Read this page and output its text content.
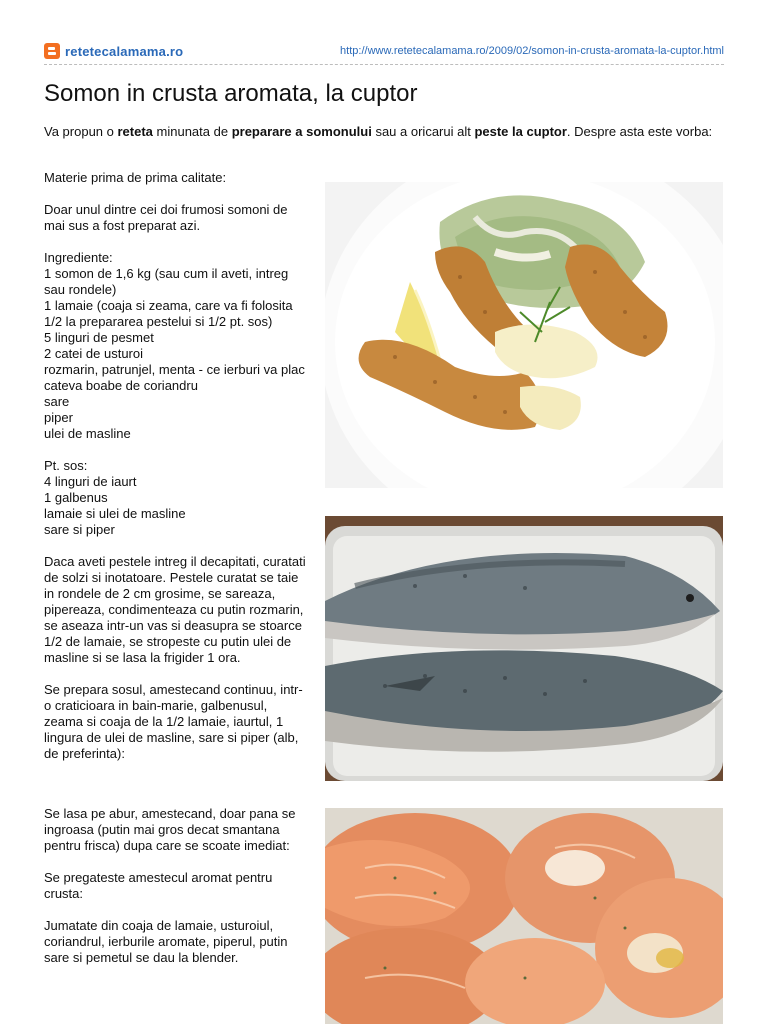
retetecalamama.ro	http://www.retetecalamama.ro/2009/02/somon-in-crusta-aromata-la-cuptor.html
Somon in crusta aromata, la cuptor

Va propun o reteta minunata de preparare a somonului sau a oricarui alt peste la cuptor. Despre asta este vorba:

Materie prima de prima calitate:

Doar unul dintre cei doi frumosi somoni de mai sus a fost preparat azi.

Ingrediente:

1 somon de 1,6 kg (sau cum il aveti, intreg sau rondele)

1 lamaie (coaja si zeama, care va fi folosita 1/2 la prepararea pestelui si 1/2 pt. sos)

5 linguri de pesmet

2 catei de usturoi

rozmarin, patrunjel, menta - ce ierburi va plac

cateva boabe de coriandru

sare

piper

ulei de masline

Pt. sos:

4 linguri de iaurt

1 galbenus

lamaie si ulei de masline

sare si piper

Daca aveti pestele intreg il decapitati, curatati de solzi si inotatoare. Pestele curatat se taie in rondele de 2 cm grosime, se sareaza, pipereaza, condimenteaza cu putin rozmarin, se aseaza intr-un vas si deasupra se stoarce 1/2 de lamaie, se stropeste cu putin ulei de masline si se lasa la frigider 1 ora.

Se prepara sosul, amestecand continuu, intr-o craticioara in bain-marie, galbenusul, zeama si coaja de la 1/2 lamaie, iaurtul, 1 lingura de ulei de masline, sare si piper (alb, de preferinta):

Se lasa pe abur, amestecand, doar pana se ingroasa (putin mai gros decat smantana pentru frisca) dupa care se scoate imediat:

Se pregateste amestecul aromat pentru crusta:

Jumatate din coaja de lamaie, usturoiul, coriandrul, ierburile aromate, piperul, putin sare si pemetul se dau la blender.
